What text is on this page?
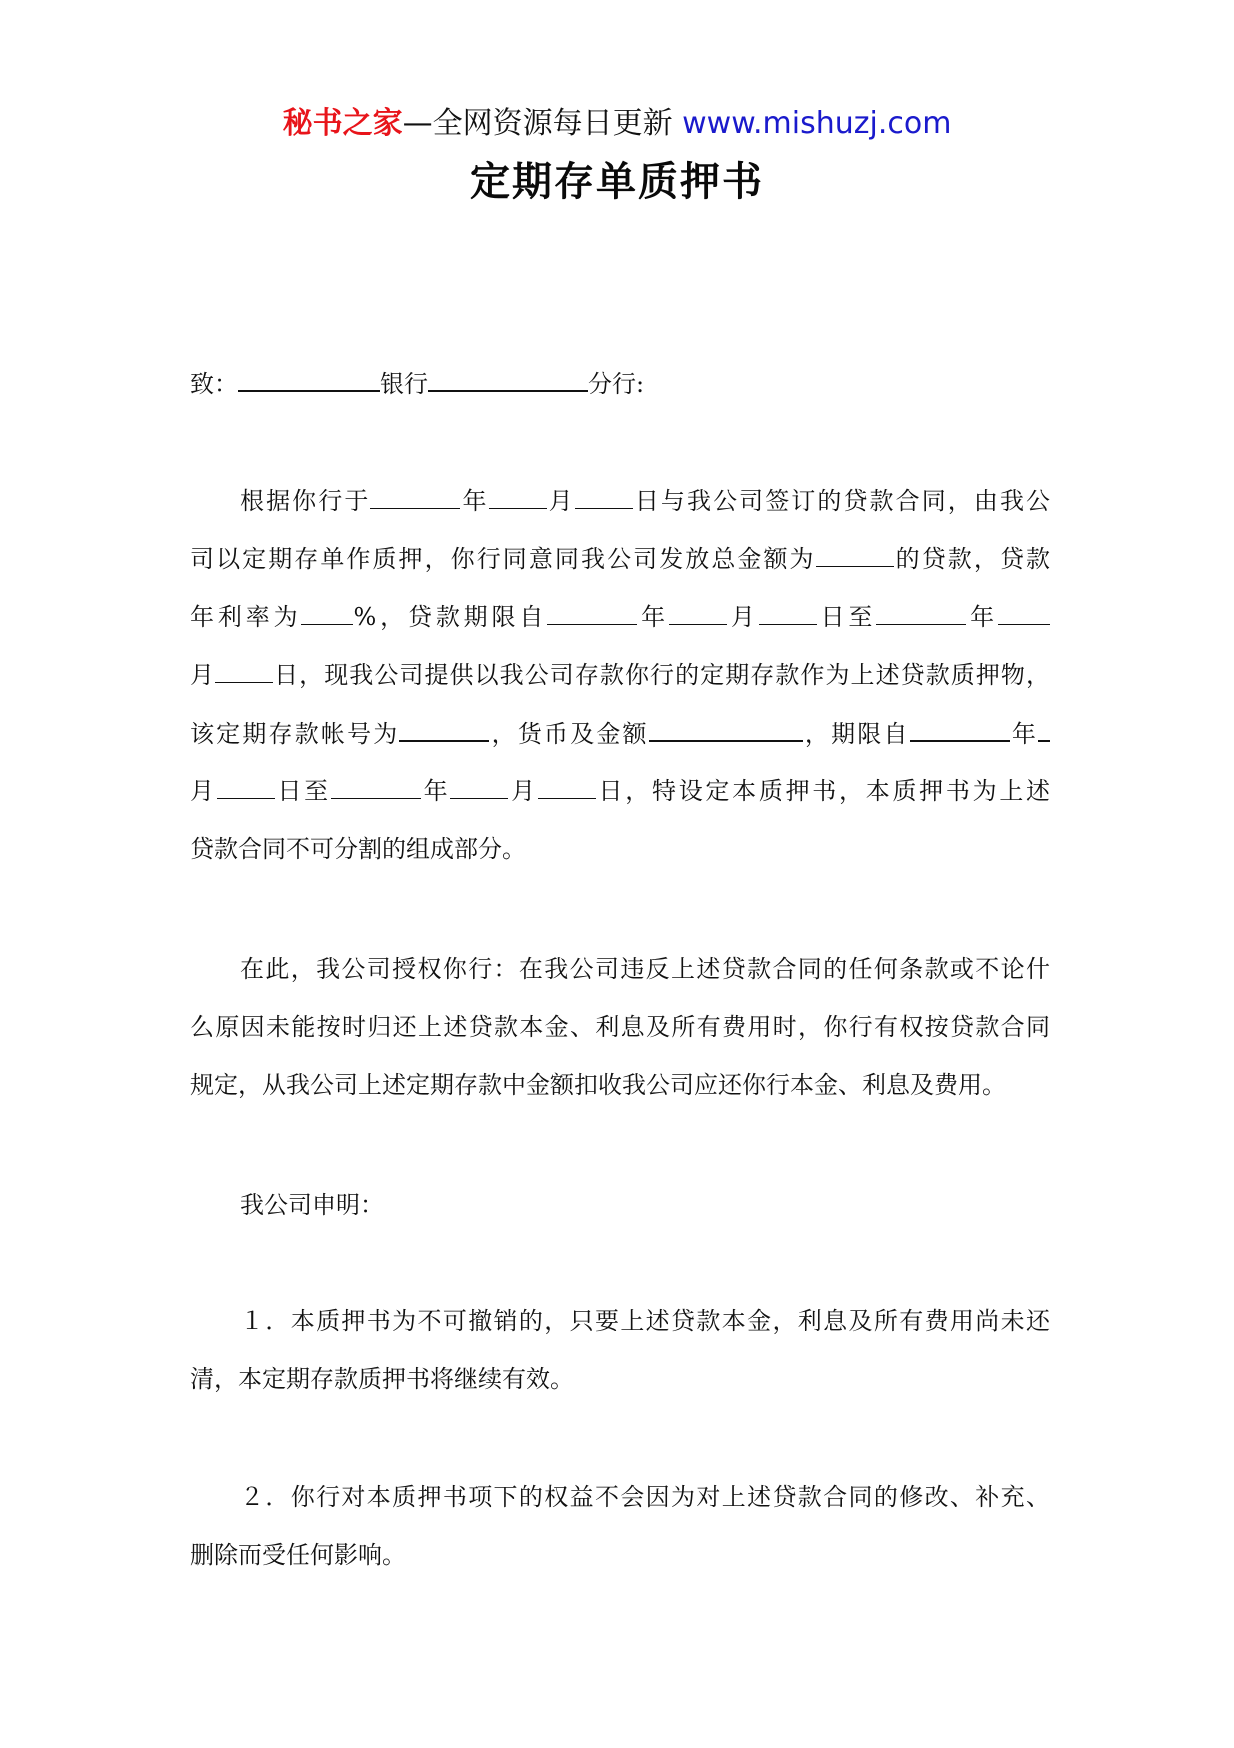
秘书之家—全网资源每日更新 www.mishuzj.com
定期存单质押书
致：	银行	分行:
根据你行于	年 月 日与我公司签订的贷款合同，由我公
司以定期存单作质押，你行同意同我公司发放总金额为	的贷款，贷款
年利率为 %，贷款期限自	年 月 日至	年
月 日，现我公司提供以我公司存款你行的定期存款作为上述贷款质押物，
该定期存款帐号为	，货币及金额	，期限自	年
月 日至	年 月 日，特设定本质押书，本质押书为上述
贷款合同不可分割的组成部分。
在此，我公司授权你行：在我公司违反上述贷款合同的任何条款或不论什
么原因未能按时归还上述贷款本金、利息及所有费用时，你行有权按贷款合同
规定，从我公司上述定期存款中金额扣收我公司应还你行本金、利息及费用。
我公司申明：
１．本质押书为不可撤销的，只要上述贷款本金，利息及所有费用尚未还
清，本定期存款质押书将继续有效。
２．你行对本质押书项下的权益不会因为对上述贷款合同的修改、补充、
删除而受任何影响。
